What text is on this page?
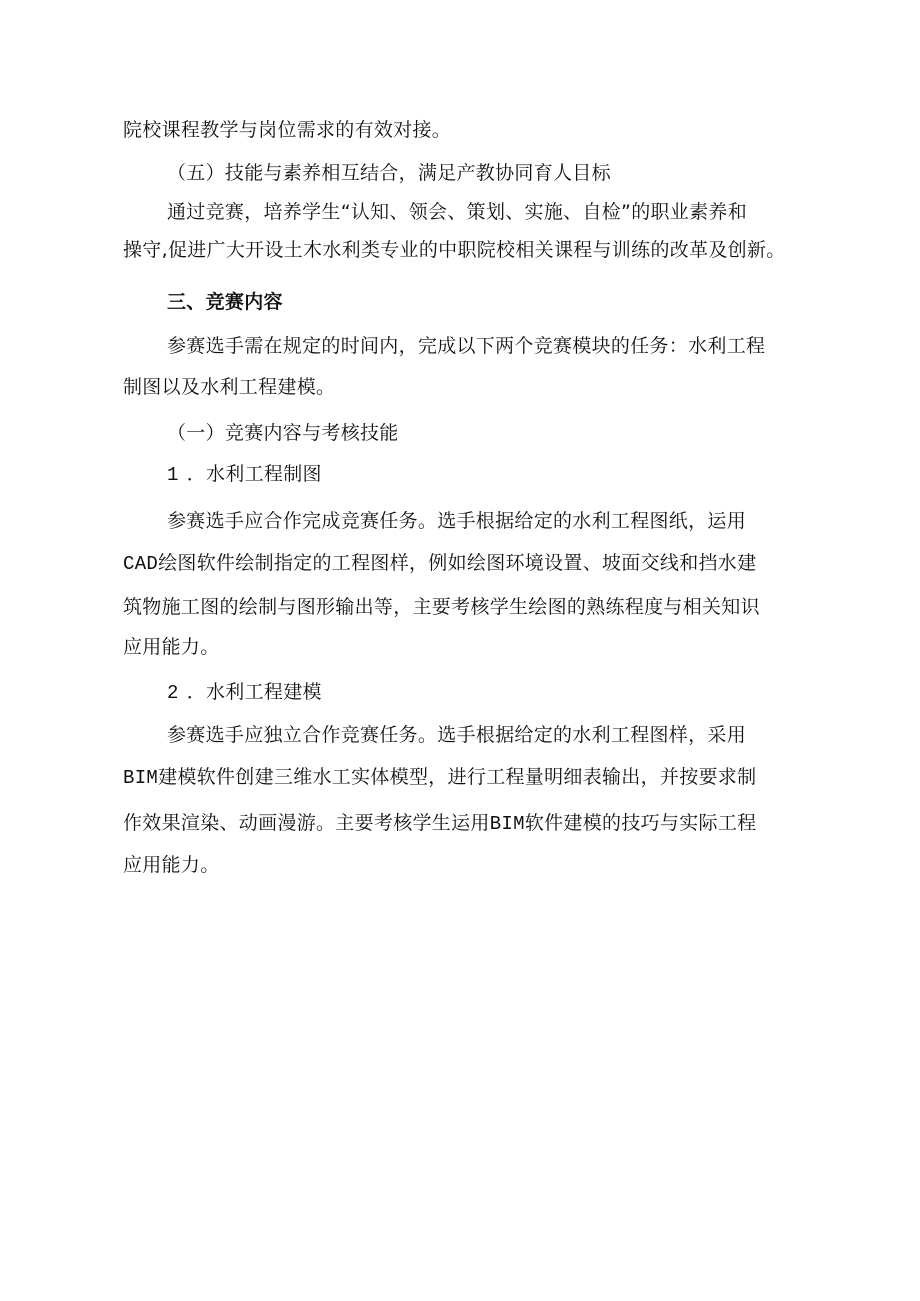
院校课程教学与岗位需求的有效对接。
（五）技能与素养相互结合，满足产教协同育人目标
通过竞赛，培养学生“认知、领会、策划、实施、自检”的职业素养和
操守,促进广大开设土木水利类专业的中职院校相关课程与训练的改革及创新。
三、竞赛内容
参赛选手需在规定的时间内，完成以下两个竞赛模块的任务：水利工程
制图以及水利工程建模。
（一）竞赛内容与考核技能
1 ．水利工程制图
参赛选手应合作完成竞赛任务。选手根据给定的水利工程图纸，运用
CAD绘图软件绘制指定的工程图样，例如绘图环境设置、坡面交线和挡水建
筑物施工图的绘制与图形输出等，主要考核学生绘图的熟练程度与相关知识
应用能力。
2 ．水利工程建模
参赛选手应独立合作竞赛任务。选手根据给定的水利工程图样，采用
BIM建模软件创建三维水工实体模型，进行工程量明细表输出，并按要求制
作效果渲染、动画漫游。主要考核学生运用BIM软件建模的技巧与实际工程
应用能力。
